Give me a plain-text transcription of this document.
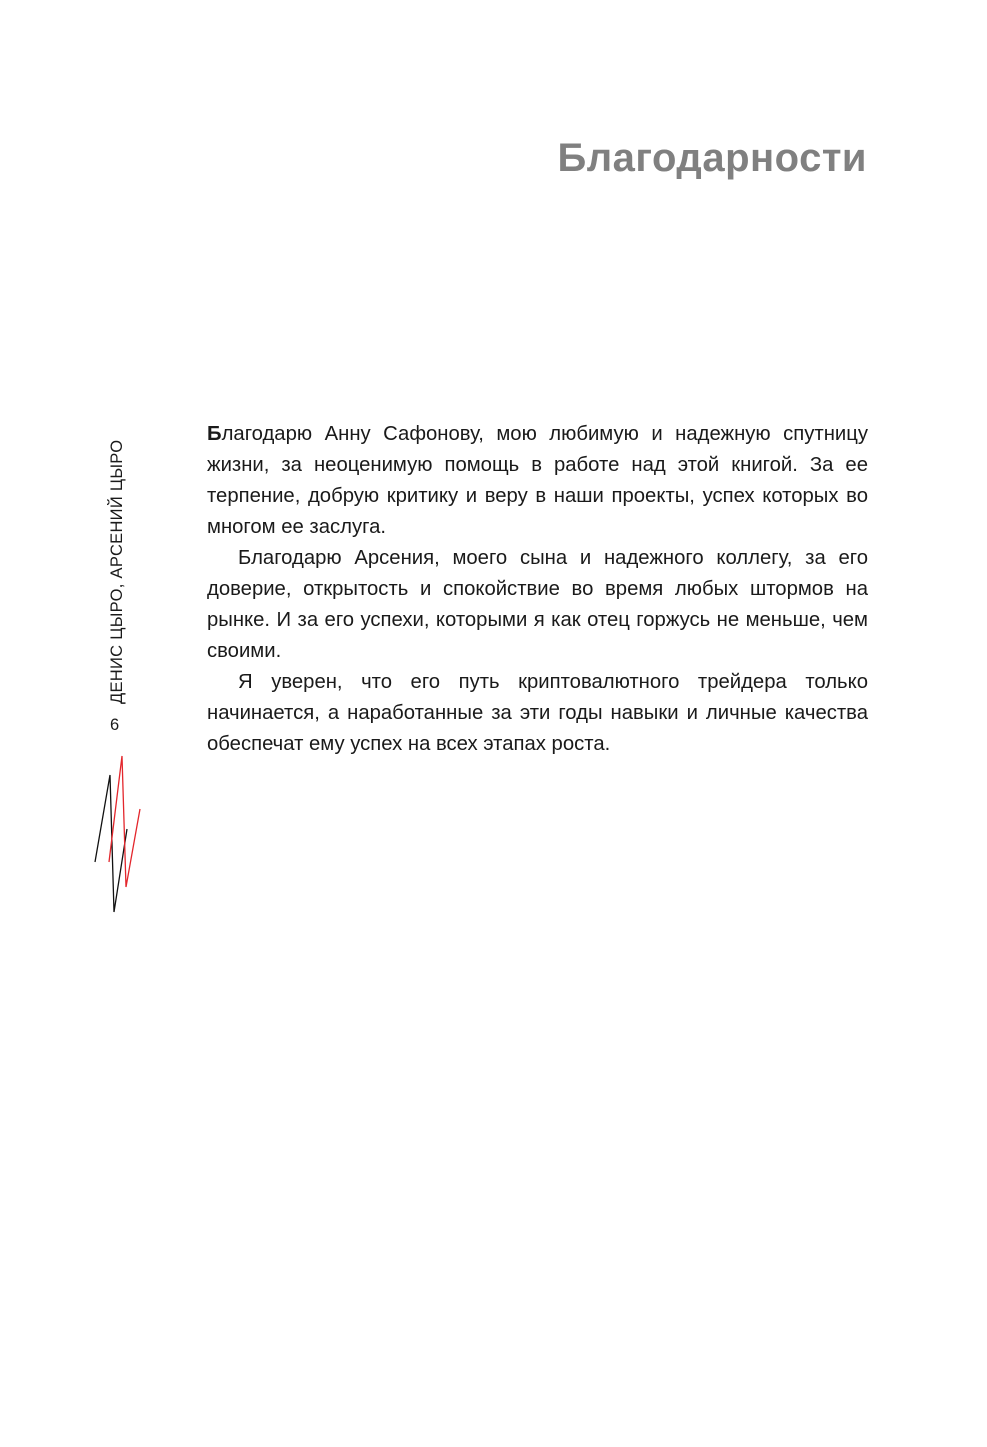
Благодарности
ДЕНИС ЦЫРО, АРСЕНИЙ ЦЫРО
6

Благодарю Анну Сафонову, мою любимую и надежную спутницу жизни, за неоценимую помощь в работе над этой книгой. За ее терпение, добрую критику и веру в наши проекты, успех которых во многом ее заслуга.

Благодарю Арсения, моего сына и надежного коллегу, за его доверие, открытость и спокойствие во время любых штормов на рынке. И за его успехи, которыми я как отец горжусь не меньше, чем своими.

Я уверен, что его путь криптовалютного трейдера только начинается, а наработанные за эти годы навыки и личные качества обеспечат ему успех на всех этапах роста.
